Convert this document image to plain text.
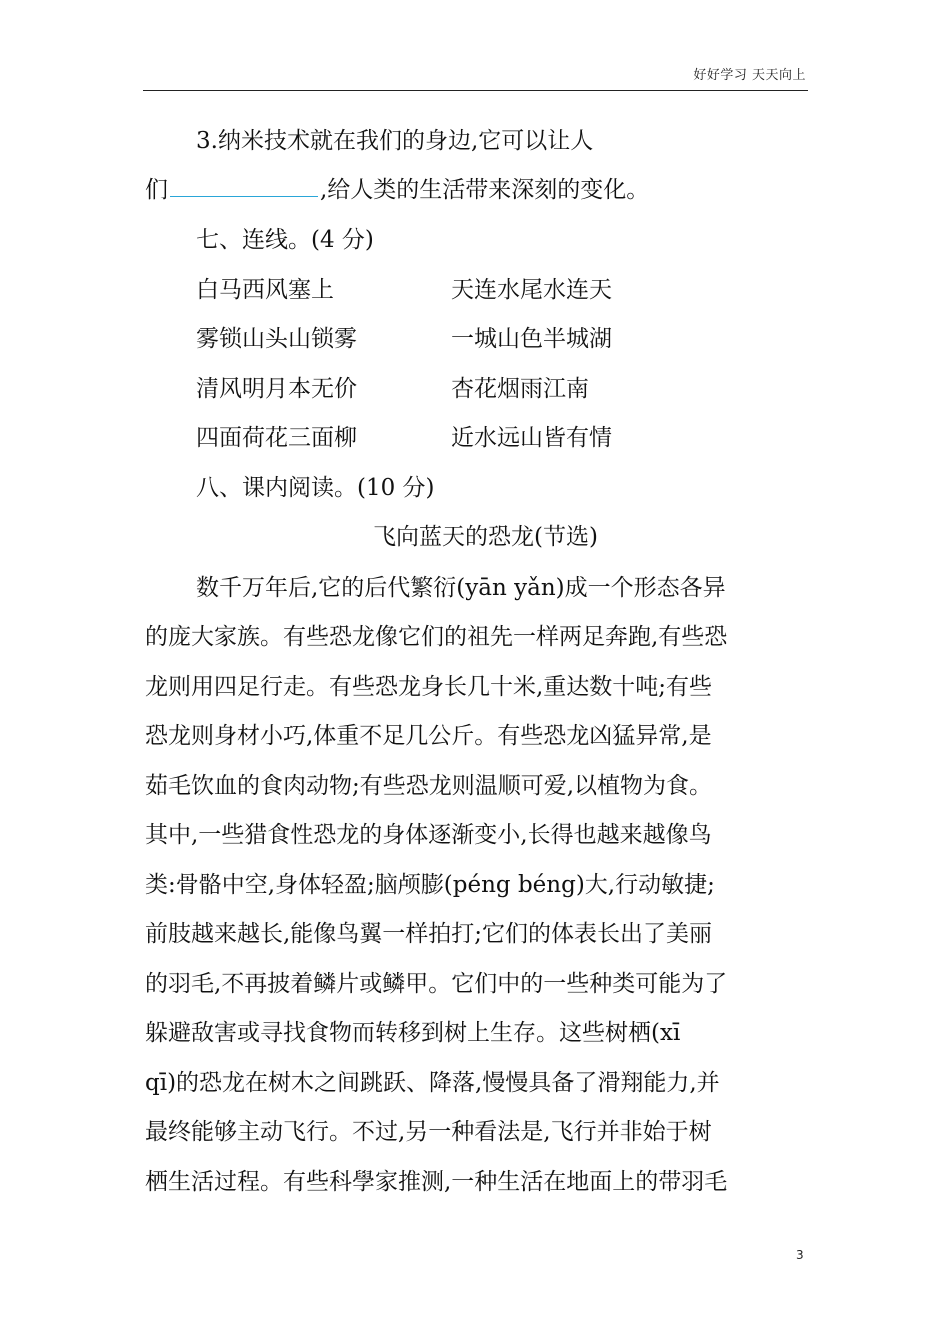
好好学习 天天向上
3.纳米技术就在我们的身边,它可以让人
们	,给人类的生活带来深刻的变化。
七、连线。(4 分)
白马西风塞上	天连水尾水连天
雾锁山头山锁雾	一城山色半城湖
清风明月本无价	杏花烟雨江南
四面荷花三面柳	近水远山皆有情
八、课内阅读。(10 分)
飞向蓝天的恐龙(节选)
数千万年后,它的后代繁衍(yān yǎn)成一个形态各异
的庞大家族。有些恐龙像它们的祖先一样两足奔跑,有些恐
龙则用四足行走。有些恐龙身长几十米,重达数十吨;有些
恐龙则身材小巧,体重不足几公斤。有些恐龙凶猛异常,是
茹毛饮血的食肉动物;有些恐龙则温顺可爱,以植物为食。
其中,一些猎食性恐龙的身体逐渐变小,长得也越来越像鸟
类:骨骼中空,身体轻盈;脑颅膨(péng béng)大,行动敏捷;
前肢越来越长,能像鸟翼一样拍打;它们的体表长出了美丽
的羽毛,不再披着鳞片或鳞甲。它们中的一些种类可能为了
躲避敌害或寻找食物而转移到树上生存。这些树栖(xī
qī)的恐龙在树木之间跳跃、降落,慢慢具备了滑翔能力,并
最终能够主动飞行。不过,另一种看法是,飞行并非始于树
栖生活过程。有些科學家推测,一种生活在地面上的带羽毛
3
